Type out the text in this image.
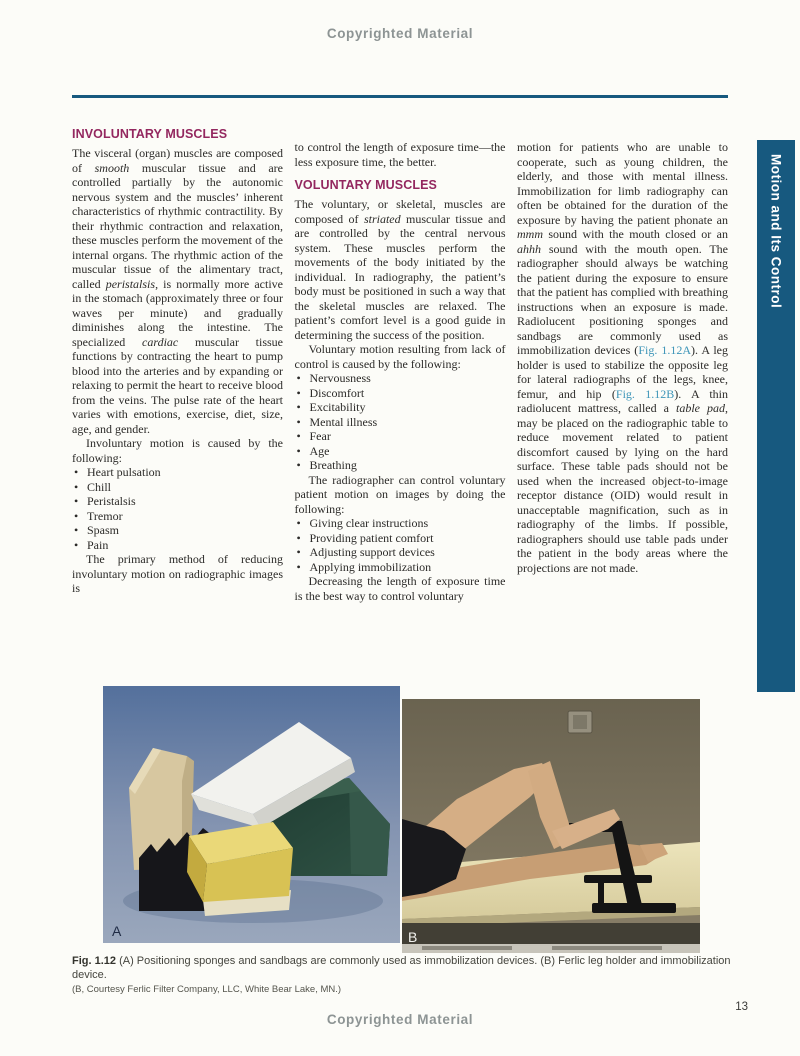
Copyrighted Material
Motion and Its Control
INVOLUNTARY MUSCLES

The visceral (organ) muscles are composed of smooth muscular tissue and are controlled partially by the autonomic nervous system and the muscles’ inherent characteristics of rhythmic contractility. By their rhythmic contraction and relaxation, these muscles perform the movement of the internal organs. The rhythmic action of the muscular tissue of the alimentary tract, called peristalsis, is normally more active in the stomach (approximately three or four waves per minute) and gradually diminishes along the intestine. The specialized cardiac muscular tissue functions by contracting the heart to pump blood into the arteries and by expanding or relaxing to permit the heart to receive blood from the veins. The pulse rate of the heart varies with emotions, exercise, diet, size, age, and gender.

Involuntary motion is caused by the following:

• Heart pulsation
• Chill
• Peristalsis
• Tremor
• Spasm
• Pain

The primary method of reducing involuntary motion on radiographic images is

to control the length of exposure time—the less exposure time, the better.

VOLUNTARY MUSCLES

The voluntary, or skeletal, muscles are composed of striated muscular tissue and are controlled by the central nervous system. These muscles perform the movements of the body initiated by the individual. In radiography, the patient’s body must be positioned in such a way that the skeletal muscles are relaxed. The patient’s comfort level is a good guide in determining the success of the position.

Voluntary motion resulting from lack of control is caused by the following:

• Nervousness
• Discomfort
• Excitability
• Mental illness
• Fear
• Age
• Breathing

The radiographer can control voluntary patient motion on images by doing the following:

• Giving clear instructions
• Providing patient comfort
• Adjusting support devices
• Applying immobilization

Decreasing the length of exposure time is the best way to control voluntary

motion for patients who are unable to cooperate, such as young children, the elderly, and those with mental illness. Immobilization for limb radiography can often be obtained for the duration of the exposure by having the patient phonate an mmm sound with the mouth closed or an ahhh sound with the mouth open. The radiographer should always be watching the patient during the exposure to ensure that the patient has complied with breathing instructions when an exposure is made. Radiolucent positioning sponges and sandbags are commonly used as immobilization devices (Fig. 1.12A). A leg holder is used to stabilize the opposite leg for lateral radiographs of the legs, knee, femur, and hip (Fig. 1.12B). A thin radiolucent mattress, called a table pad, may be placed on the radiographic table to reduce movement related to patient discomfort caused by lying on the hard surface. These table pads should not be used when the increased object-to-image receptor distance (OID) would result in unacceptable magnification, such as in radiography of the limbs. If possible, radiographers should use table pads under the patient in the body areas where the projections are not made.

A	B
Fig. 1.12 (A) Positioning sponges and sandbags are commonly used as immobilization devices. (B) Ferlic leg holder and immobilization device.
(B, Courtesy Ferlic Filter Company, LLC, White Bear Lake, MN.)
13
Copyrighted Material
